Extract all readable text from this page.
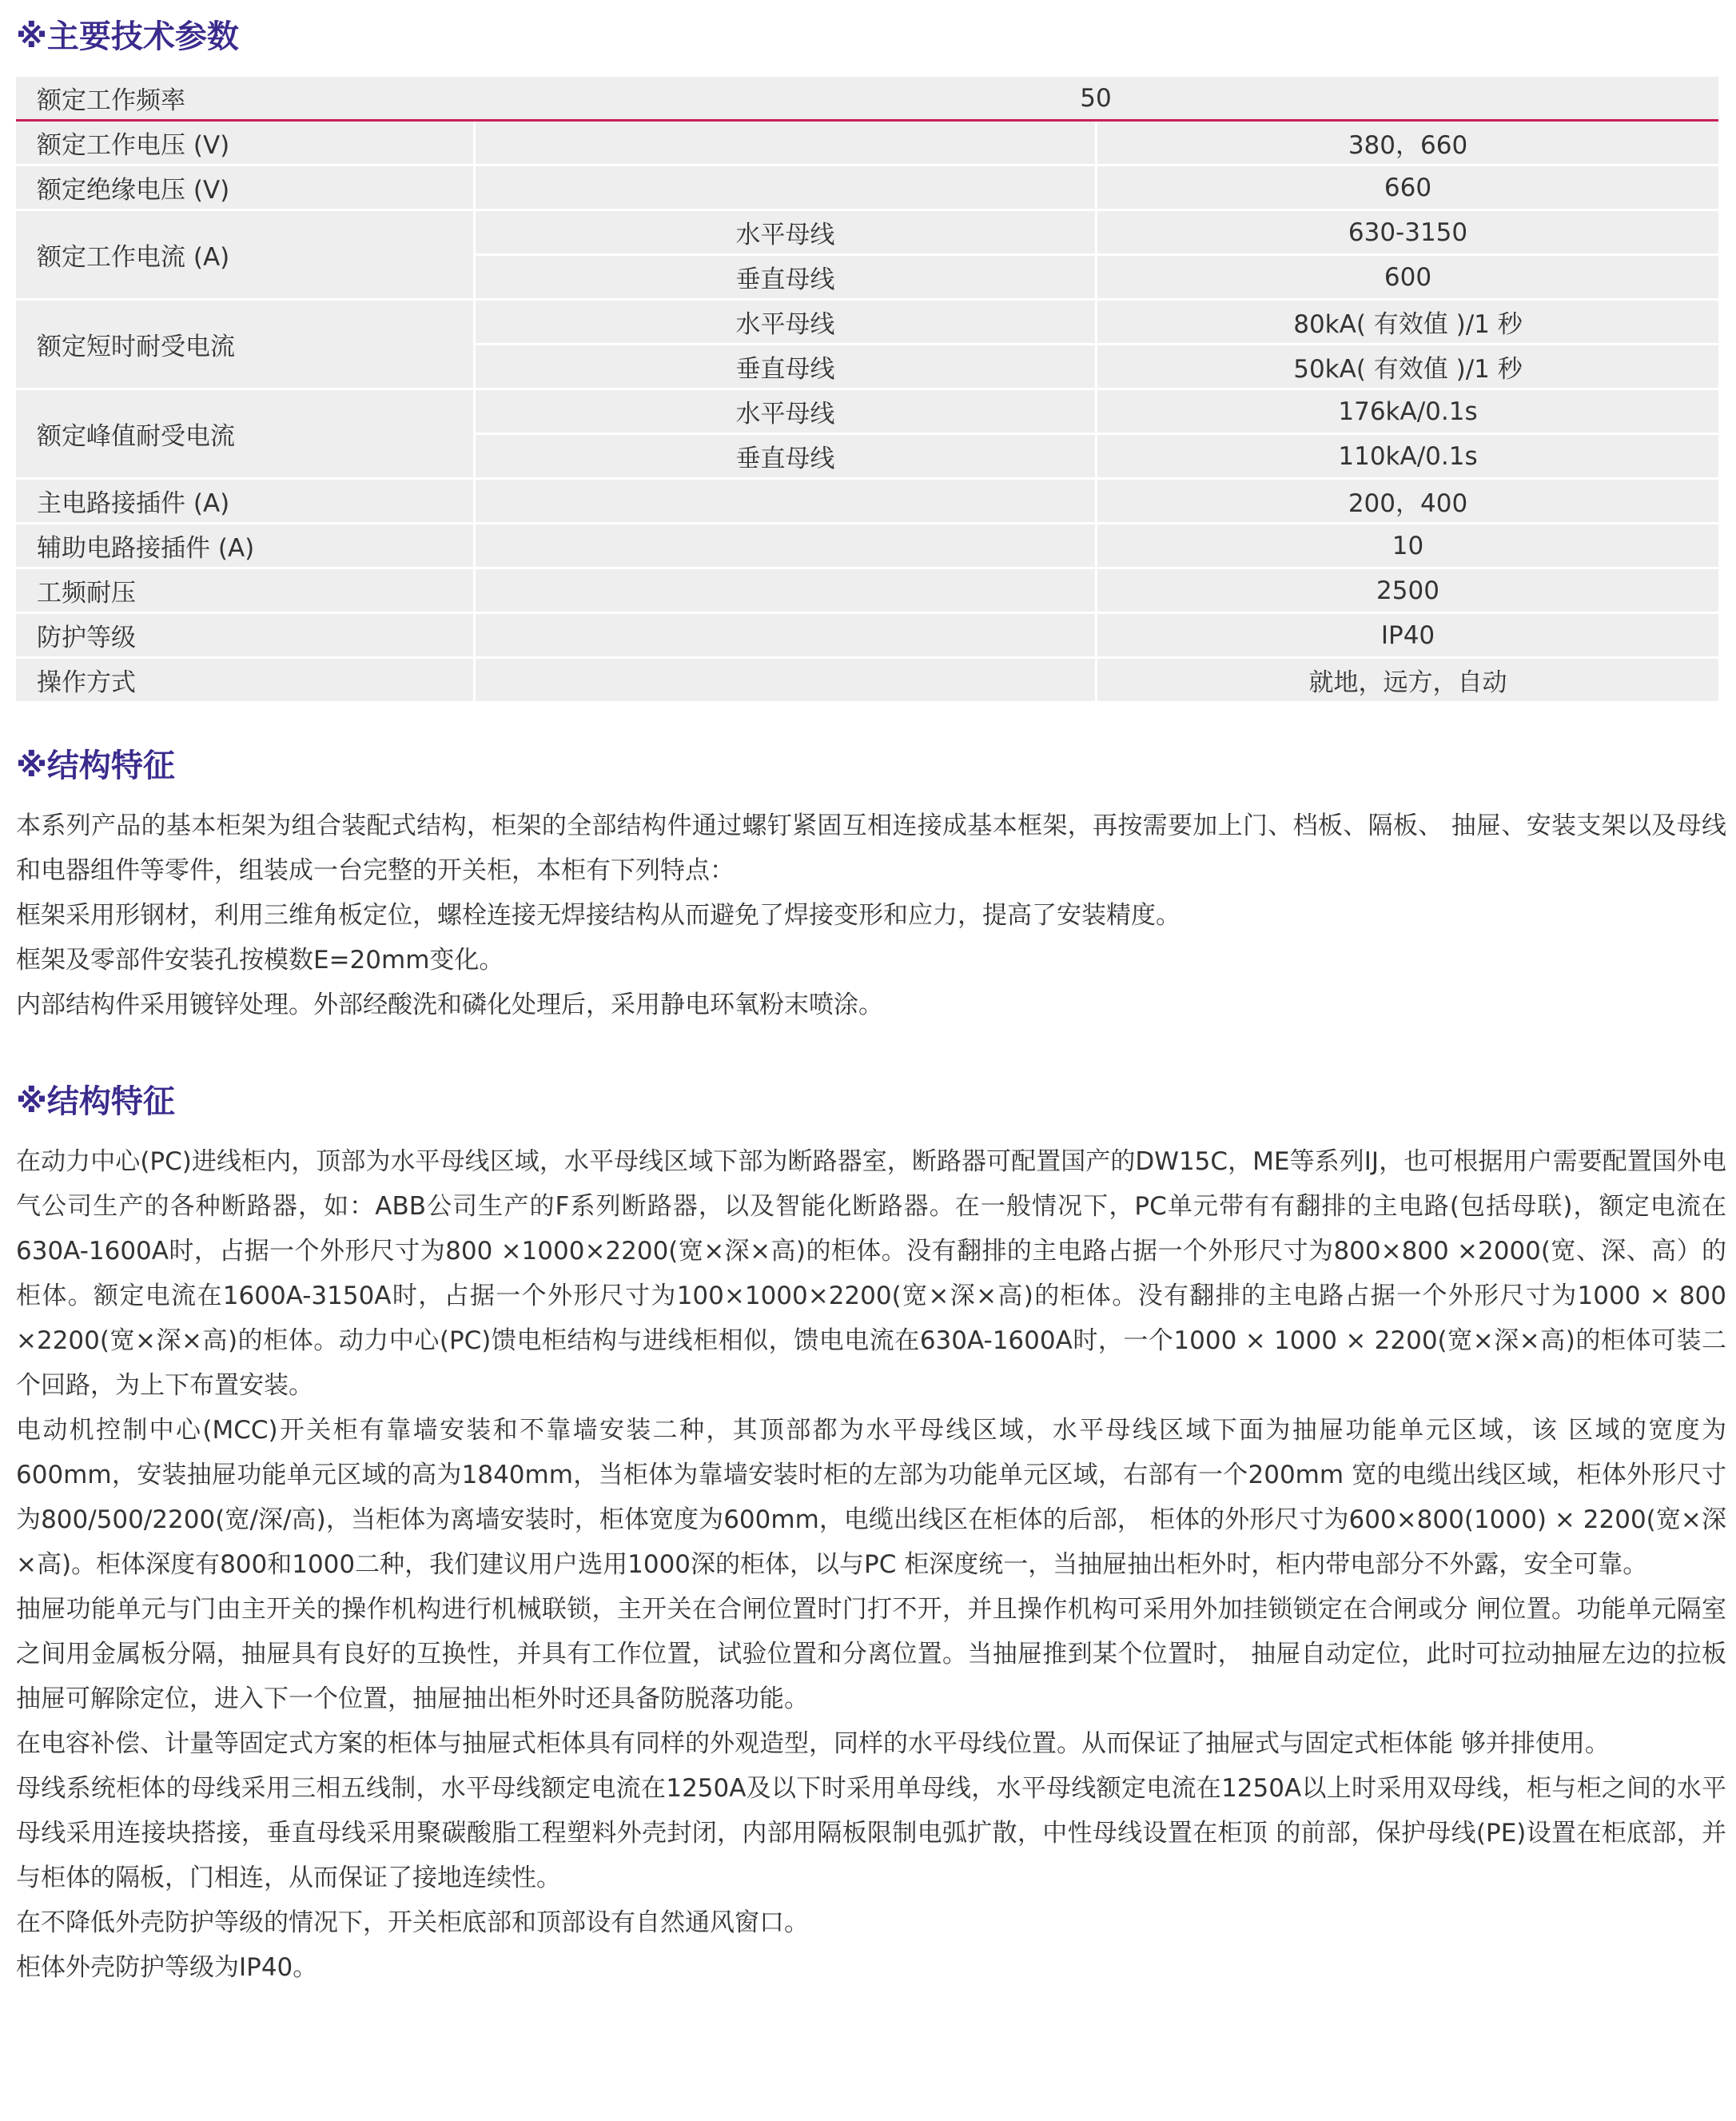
※主要技术参数
额定工作频率	50	
额定工作电压 (V)		380，660
额定绝缘电压 (V)		660
额定工作电流 (A)	水平母线	630-3150
	垂直母线	600
额定短时耐受电流	水平母线	80kA( 有效值 )/1 秒
	垂直母线	50kA( 有效值 )/1 秒
额定峰值耐受电流	水平母线	176kA/0.1s
	垂直母线	110kA/0.1s
主电路接插件 (A)		200，400
辅助电路接插件 (A)		10
工频耐压		2500
防护等级		IP40
操作方式		就地，远方，自动
※结构特征

本系列产品的基本柜架为组合装配式结构，柜架的全部结构件通过螺钉紧固互相连接成基本框架，再按需要加上门、档板、隔板、 抽屉、安装支架以及母线和电器组件等零件，组装成一台完整的开关柜，本柜有下列特点：

框架采用形钢材，利用三维角板定位，螺栓连接无焊接结构从而避免了焊接变形和应力，提高了安装精度。

框架及零部件安装孔按模数E=20mm变化。

内部结构件采用镀锌处理。外部经酸洗和磷化处理后，采用静电环氧粉末喷涂。

※结构特征

在动力中心(PC)进线柜内，顶部为水平母线区域，水平母线区域下部为断路器室，断路器可配置国产的DW15C，ME等系列IJ，也可根据用户需要配置国外电气公司生产的各种断路器，如：ABB公司生产的F系列断路器，以及智能化断路器。在一般情况下，PC单元带有有翻排的主电路(包括母联)，额定电流在630A-1600A时，占据一个外形尺寸为800 ×1000×2200(宽×深×高)的柜体。没有翻排的主电路占据一个外形尺寸为800×800 ×2000(宽、深、高）的柜体。额定电流在1600A-3150A时，占据一个外形尺寸为100×1000×2200(宽×深×高)的柜体。没有翻排的主电路占据一个外形尺寸为1000 × 800 ×2200(宽×深×高)的柜体。动力中心(PC)馈电柜结构与进线柜相似，馈电电流在630A-1600A时，一个1000 × 1000 × 2200(宽×深×高)的柜体可装二个回路，为上下布置安装。

电动机控制中心(MCC)开关柜有靠墙安装和不靠墙安装二种，其顶部都为水平母线区域，水平母线区域下面为抽屉功能单元区域，该 区域的宽度为600mm，安装抽屉功能单元区域的高为1840mm，当柜体为靠墙安装时柜的左部为功能单元区域，右部有一个200mm 宽的电缆出线区域，柜体外形尺寸为800/500/2200(宽/深/高)，当柜体为离墙安装时，柜体宽度为600mm，电缆出线区在柜体的后部， 柜体的外形尺寸为600×800(1000) × 2200(宽×深×高)。柜体深度有800和1000二种，我们建议用户选用1000深的柜体，以与PC 柜深度统一，当抽屉抽出柜外时，柜内带电部分不外露，安全可靠。

抽屉功能单元与门由主开关的操作机构进行机械联锁，主开关在合闸位置时门打不开，并且操作机构可采用外加挂锁锁定在合闸或分 闸位置。功能单元隔室之间用金属板分隔，抽屉具有良好的互换性，并具有工作位置，试验位置和分离位置。当抽屉推到某个位置时， 抽屉自动定位，此时可拉动抽屉左边的拉板抽屉可解除定位，进入下一个位置，抽屉抽出柜外时还具备防脱落功能。

在电容补偿、计量等固定式方案的柜体与抽屉式柜体具有同样的外观造型，同样的水平母线位置。从而保证了抽屉式与固定式柜体能 够并排使用。

母线系统柜体的母线采用三相五线制，水平母线额定电流在1250A及以下时采用单母线，水平母线额定电流在1250A以上时采用双母线，柜与柜之间的水平母线采用连接块搭接，垂直母线采用聚碳酸脂工程塑料外壳封闭，内部用隔板限制电弧扩散，中性母线设置在柜顶 的前部，保护母线(PE)设置在柜底部，并与柜体的隔板，门相连，从而保证了接地连续性。

在不降低外壳防护等级的情况下，开关柜底部和顶部设有自然通风窗口。

柜体外壳防护等级为IP40。
